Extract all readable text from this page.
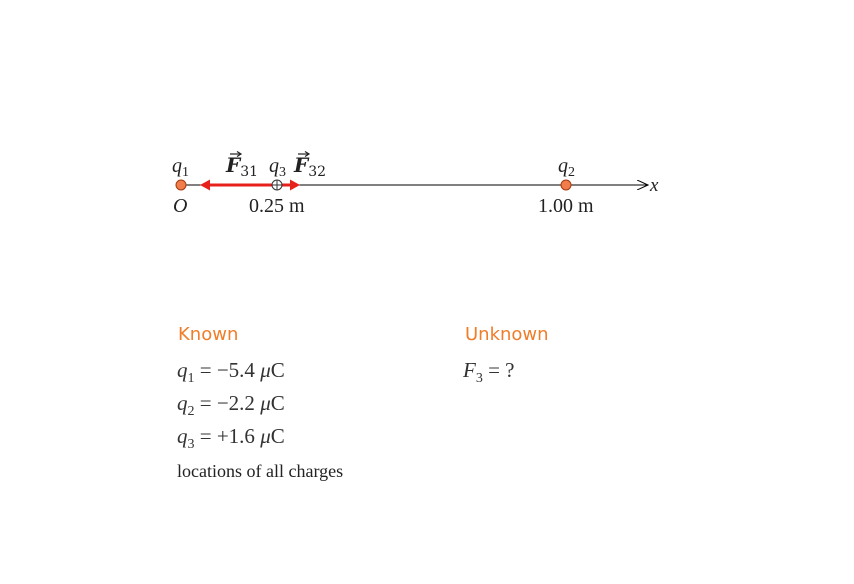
x
$q_1$	$q_3$	$q_2$
$F_{31}$ $F_{32}$
O	0.25 m	1.00 m
Known
$q_1 = -5.4$ μC
$q_2 = -2.2$ μC
$q_3 = +1.6$ μC
locations of all charges
Unknown
$F_3$ = ?
